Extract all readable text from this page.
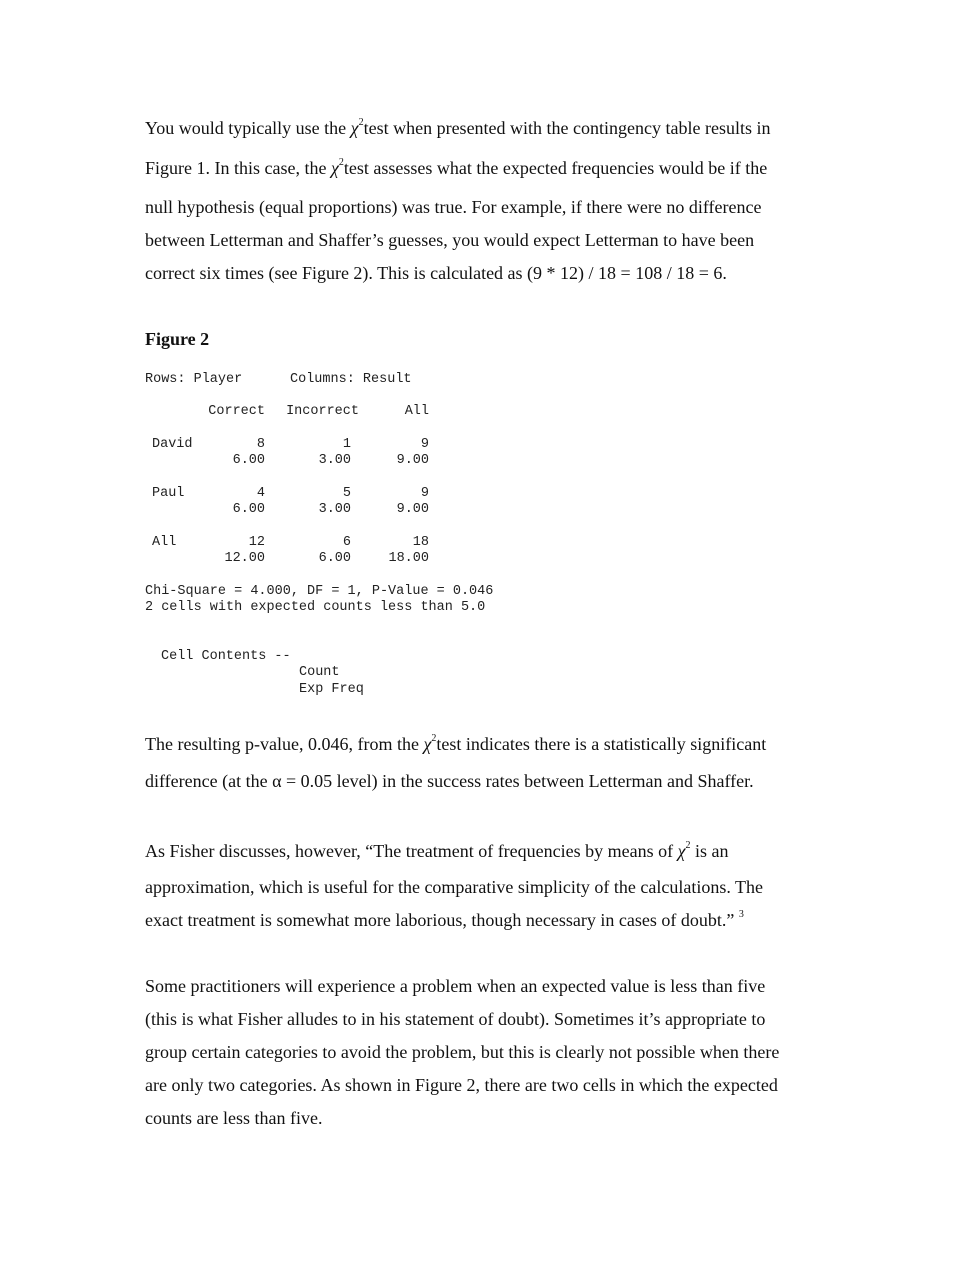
You would typically use the $\chi^2test$ when presented with the contingency table results in
Figure 1. In this case, the $\chi^2test$ assesses what the expected frequencies would be if the
null hypothesis (equal proportions) was true. For example, if there were no difference
between Letterman and Shaffer’s guesses, you would expect Letterman to have been
correct six times (see Figure 2). This is calculated as (9 * 12) / 18 = 108 / 18 = 6.
Figure 2
Rows: Player	Columns: Result
Correct	Incorrect	All
David	8	1	9
6.00	3.00	9.00
Paul	4	5	9
6.00	3.00	9.00
All	12	6	18
12.00	6.00	18.00
Chi-Square = 4.000, DF = 1, P-Value = 0.046
2 cells with expected counts less than 5.0
Cell Contents --
Count
Exp Freq
The resulting p-value, 0.046, from the $\chi^2test$ indicates there is a statistically significant
difference (at the α = 0.05 level) in the success rates between Letterman and Shaffer.
As Fisher discusses, however, “The treatment of frequencies by means of $\chi^2$ is an
approximation, which is useful for the comparative simplicity of the calculations. The
exact treatment is somewhat more laborious, though necessary in cases of doubt.” $^3$
Some practitioners will experience a problem when an expected value is less than five
(this is what Fisher alludes to in his statement of doubt). Sometimes it’s appropriate to
group certain categories to avoid the problem, but this is clearly not possible when there
are only two categories. As shown in Figure 2, there are two cells in which the expected
counts are less than five.
